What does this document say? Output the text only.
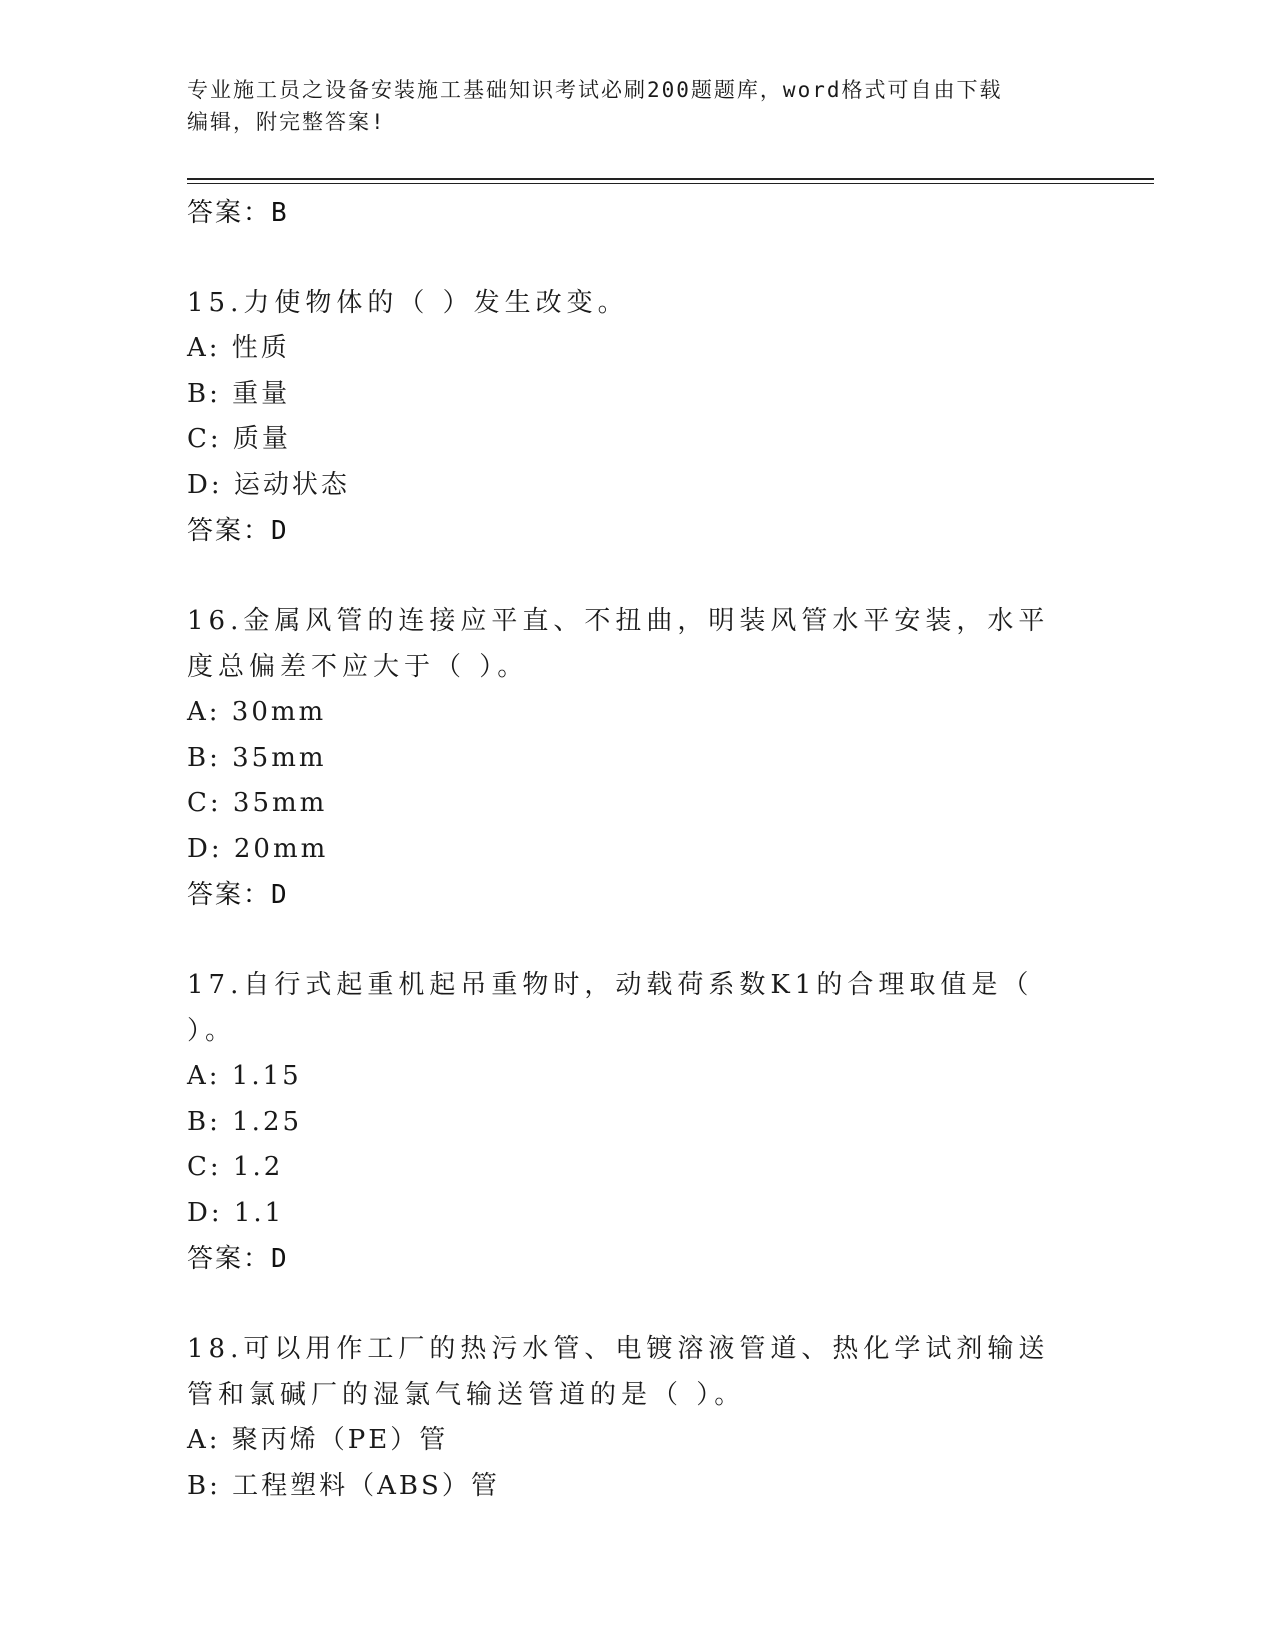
专业施工员之设备安装施工基础知识考试必刷200题题库，word格式可自由下载
编辑，附完整答案!
答案：B
15.力使物体的（ ）发生改变。
A: 性质
B: 重量
C: 质量
D: 运动状态
答案：D
16.金属风管的连接应平直、不扭曲，明装风管水平安装，水平度总偏差不应大于（ ）。
A: 30mm
B: 35mm
C: 35mm
D: 20mm
答案：D
17.自行式起重机起吊重物时，动载荷系数K1的合理取值是（ ）。
A: 1.15
B: 1.25
C: 1.2
D: 1.1
答案：D
18.可以用作工厂的热污水管、电镀溶液管道、热化学试剂输送管和氯碱厂的湿氯气输送管道的是（ ）。
A: 聚丙烯（PE）管
B: 工程塑料（ABS）管
